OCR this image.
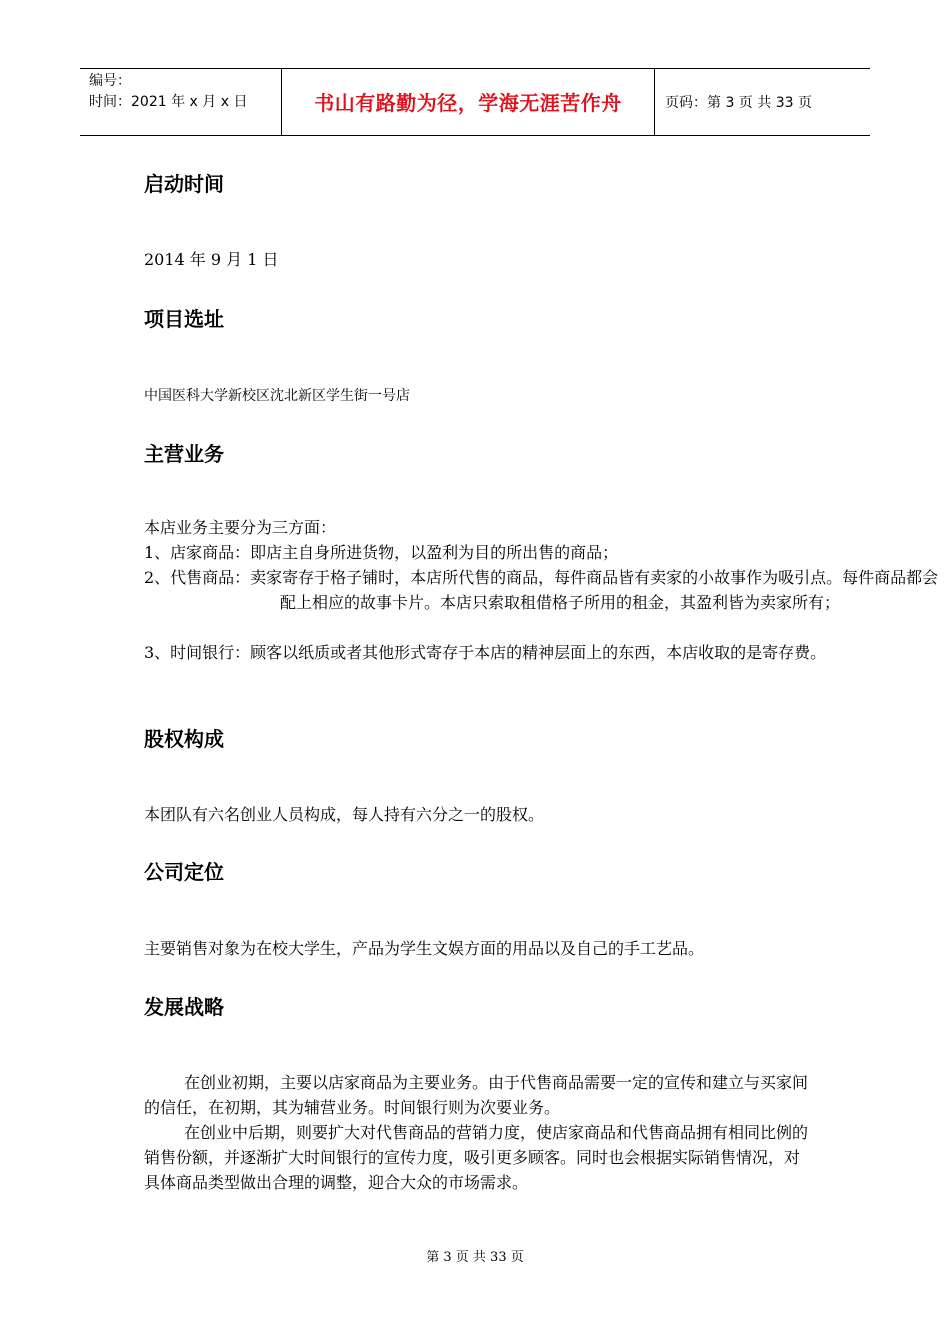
编号：
时间：2021 年 x 月 x 日	书山有路勤为径，学海无涯苦作舟	页码：第 3 页 共 33 页
启动时间

2014 年 9 月 1 日

项目选址

中国医科大学新校区沈北新区学生街一号店

主营业务

本店业务主要分为三方面：

1、店家商品：即店主自身所进货物，以盈利为目的所出售的商品；

2、代售商品：卖家寄存于格子铺时，本店所代售的商品，每件商品皆有卖家的小故事作为吸引点。每件商品都会配上相应的故事卡片。本店只索取租借格子所用的租金，其盈利皆为卖家所有；

3、时间银行：顾客以纸质或者其他形式寄存于本店的精神层面上的东西，本店收取的是寄存费。

股权构成

本团队有六名创业人员构成，每人持有六分之一的股权。

公司定位

主要销售对象为在校大学生，产品为学生文娱方面的用品以及自己的手工艺品。

发展战略

在创业初期，主要以店家商品为主要业务。由于代售商品需要一定的宣传和建立与买家间的信任，在初期，其为辅营业务。时间银行则为次要业务。

在创业中后期，则要扩大对代售商品的营销力度，使店家商品和代售商品拥有相同比例的销售份额，并逐渐扩大时间银行的宣传力度，吸引更多顾客。同时也会根据实际销售情况，对具体商品类型做出合理的调整，迎合大众的市场需求。

第 3 页 共 33 页
